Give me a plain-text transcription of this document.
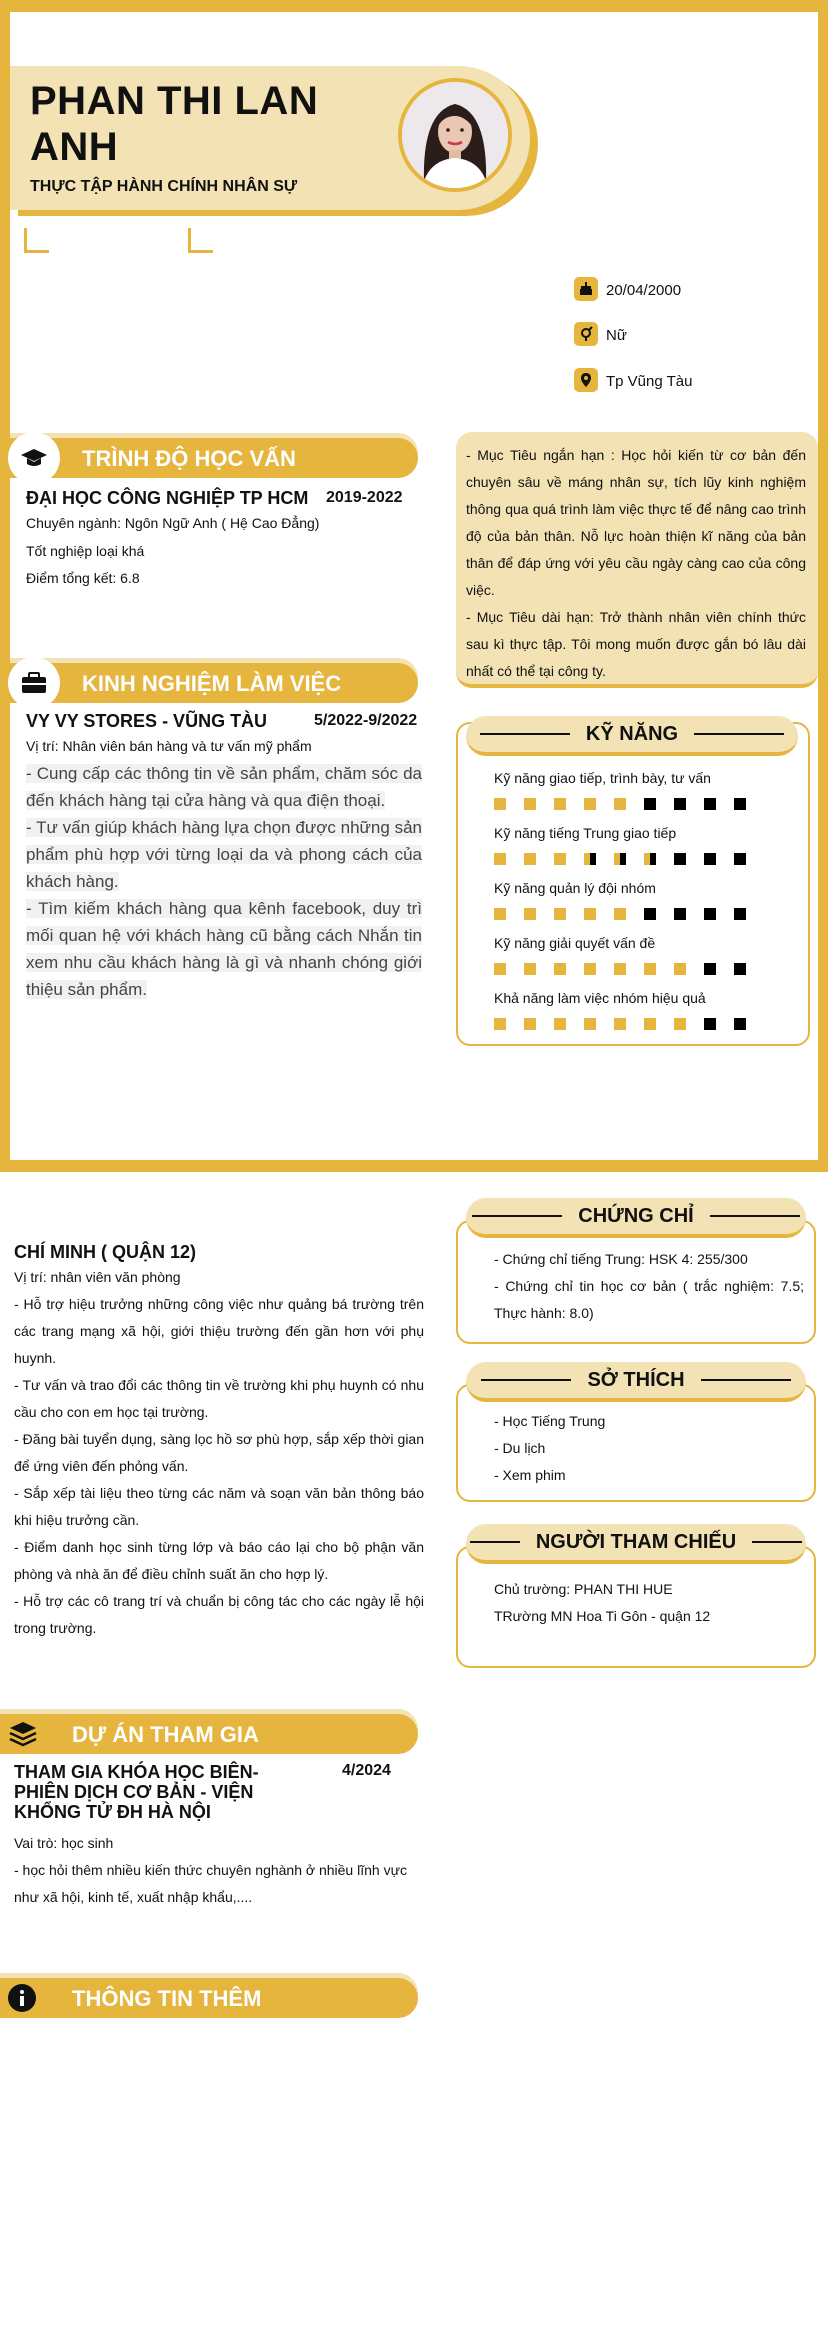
PHAN THI LAN ANH
THỰC TẬP HÀNH CHÍNH NHÂN SỰ
20/04/2000
Nữ
Tp Vũng Tàu
TRÌNH ĐỘ HỌC VẤN
ĐẠI HỌC CÔNG NGHIỆP TP HCM 2019-2022
Chuyên ngành: Ngôn Ngữ Anh ( Hệ Cao Đẳng)
Tốt nghiệp loại khá
Điểm tổng kết: 6.8
- Mục Tiêu ngắn hạn : Học hỏi kiến từ cơ bản đến chuyên sâu về máng nhân sự, tích lũy kinh nghiệm thông qua quá trình làm việc thực tế để nâng cao trình độ của bản thân. Nỗ lực hoàn thiện kĩ năng của bản thân để đáp ứng với yêu cầu ngày càng cao của công việc.
- Mục Tiêu dài hạn: Trở thành nhân viên chính thức sau kì thực tập. Tôi mong muốn được gắn bó lâu dài nhất có thể tại công ty.
KINH NGHIỆM LÀM VIỆC
VY VY STORES - VŨNG TÀU	5/2022-9/2022
Vị trí: Nhân viên bán hàng và tư vấn mỹ phẩm
- Cung cấp các thông tin về sản phẩm, chăm sóc da đến khách hàng tại cửa hàng và qua điện thoại.
- Tư vấn giúp khách hàng lựa chọn được những sản phẩm phù hợp với từng loại da và phong cách của khách hàng.
- Tìm kiếm khách hàng qua kênh facebook, duy trì mối quan hệ với khách hàng cũ bằng cách Nhắn tin xem nhu cầu khách hàng là gì và nhanh chóng giới thiệu sản phẩm.
KỸ NĂNG
Kỹ năng giao tiếp, trình bày, tư vấn
Kỹ năng tiếng Trung giao tiếp
Kỹ năng quản lý đội nhóm
Kỹ năng giải quyết vấn đề
Khả năng làm việc nhóm hiệu quả
CHÍ MINH ( QUẬN 12)
Vị trí: nhân viên văn phòng
- Hỗ trợ hiệu trưởng những công việc như quảng bá trường trên các trang mạng xã hội, giới thiệu trường đến gần hơn với phụ huynh.
- Tư vấn và trao đổi các thông tin về trường khi phụ huynh có nhu cầu cho con em học tại trường.
- Đăng bài tuyển dụng, sàng lọc hồ sơ phù hợp, sắp xếp thời gian để ứng viên đến phỏng vấn.
- Sắp xếp tài liệu theo từng các năm và soạn văn bản thông báo khi hiệu trưởng cần.
- Điểm danh học sinh từng lớp và báo cáo lại cho bộ phận văn phòng và nhà ăn để điều chỉnh suất ăn cho hợp lý.
- Hỗ trợ các cô trang trí và chuẩn bị công tác cho các ngày lễ hội trong trường.
- Chứng chỉ tiếng Trung: HSK 4: 255/300
- Chứng chỉ tin học cơ bản ( trắc nghiệm: 7.5; Thực hành: 8.0)
CHỨNG CHỈ
- Học Tiếng Trung
- Du lịch
- Xem phim
SỞ THÍCH
Chủ trường: PHAN THI HUE
TRường MN Hoa Ti Gôn - quận 12
NGƯỜI THAM CHIẾU
DỰ ÁN THAM GIA
THAM GIA KHÓA HỌC BIÊN- PHIÊN DỊCH CƠ BẢN - VIỆN KHỔNG TỬ ĐH HÀ NỘI
4/2024
Vai trò: học sinh
- học hỏi thêm nhiều kiến thức chuyên nghành ở nhiều lĩnh vực như xã hội, kinh tế, xuất nhập khẩu,....
THÔNG TIN THÊM
